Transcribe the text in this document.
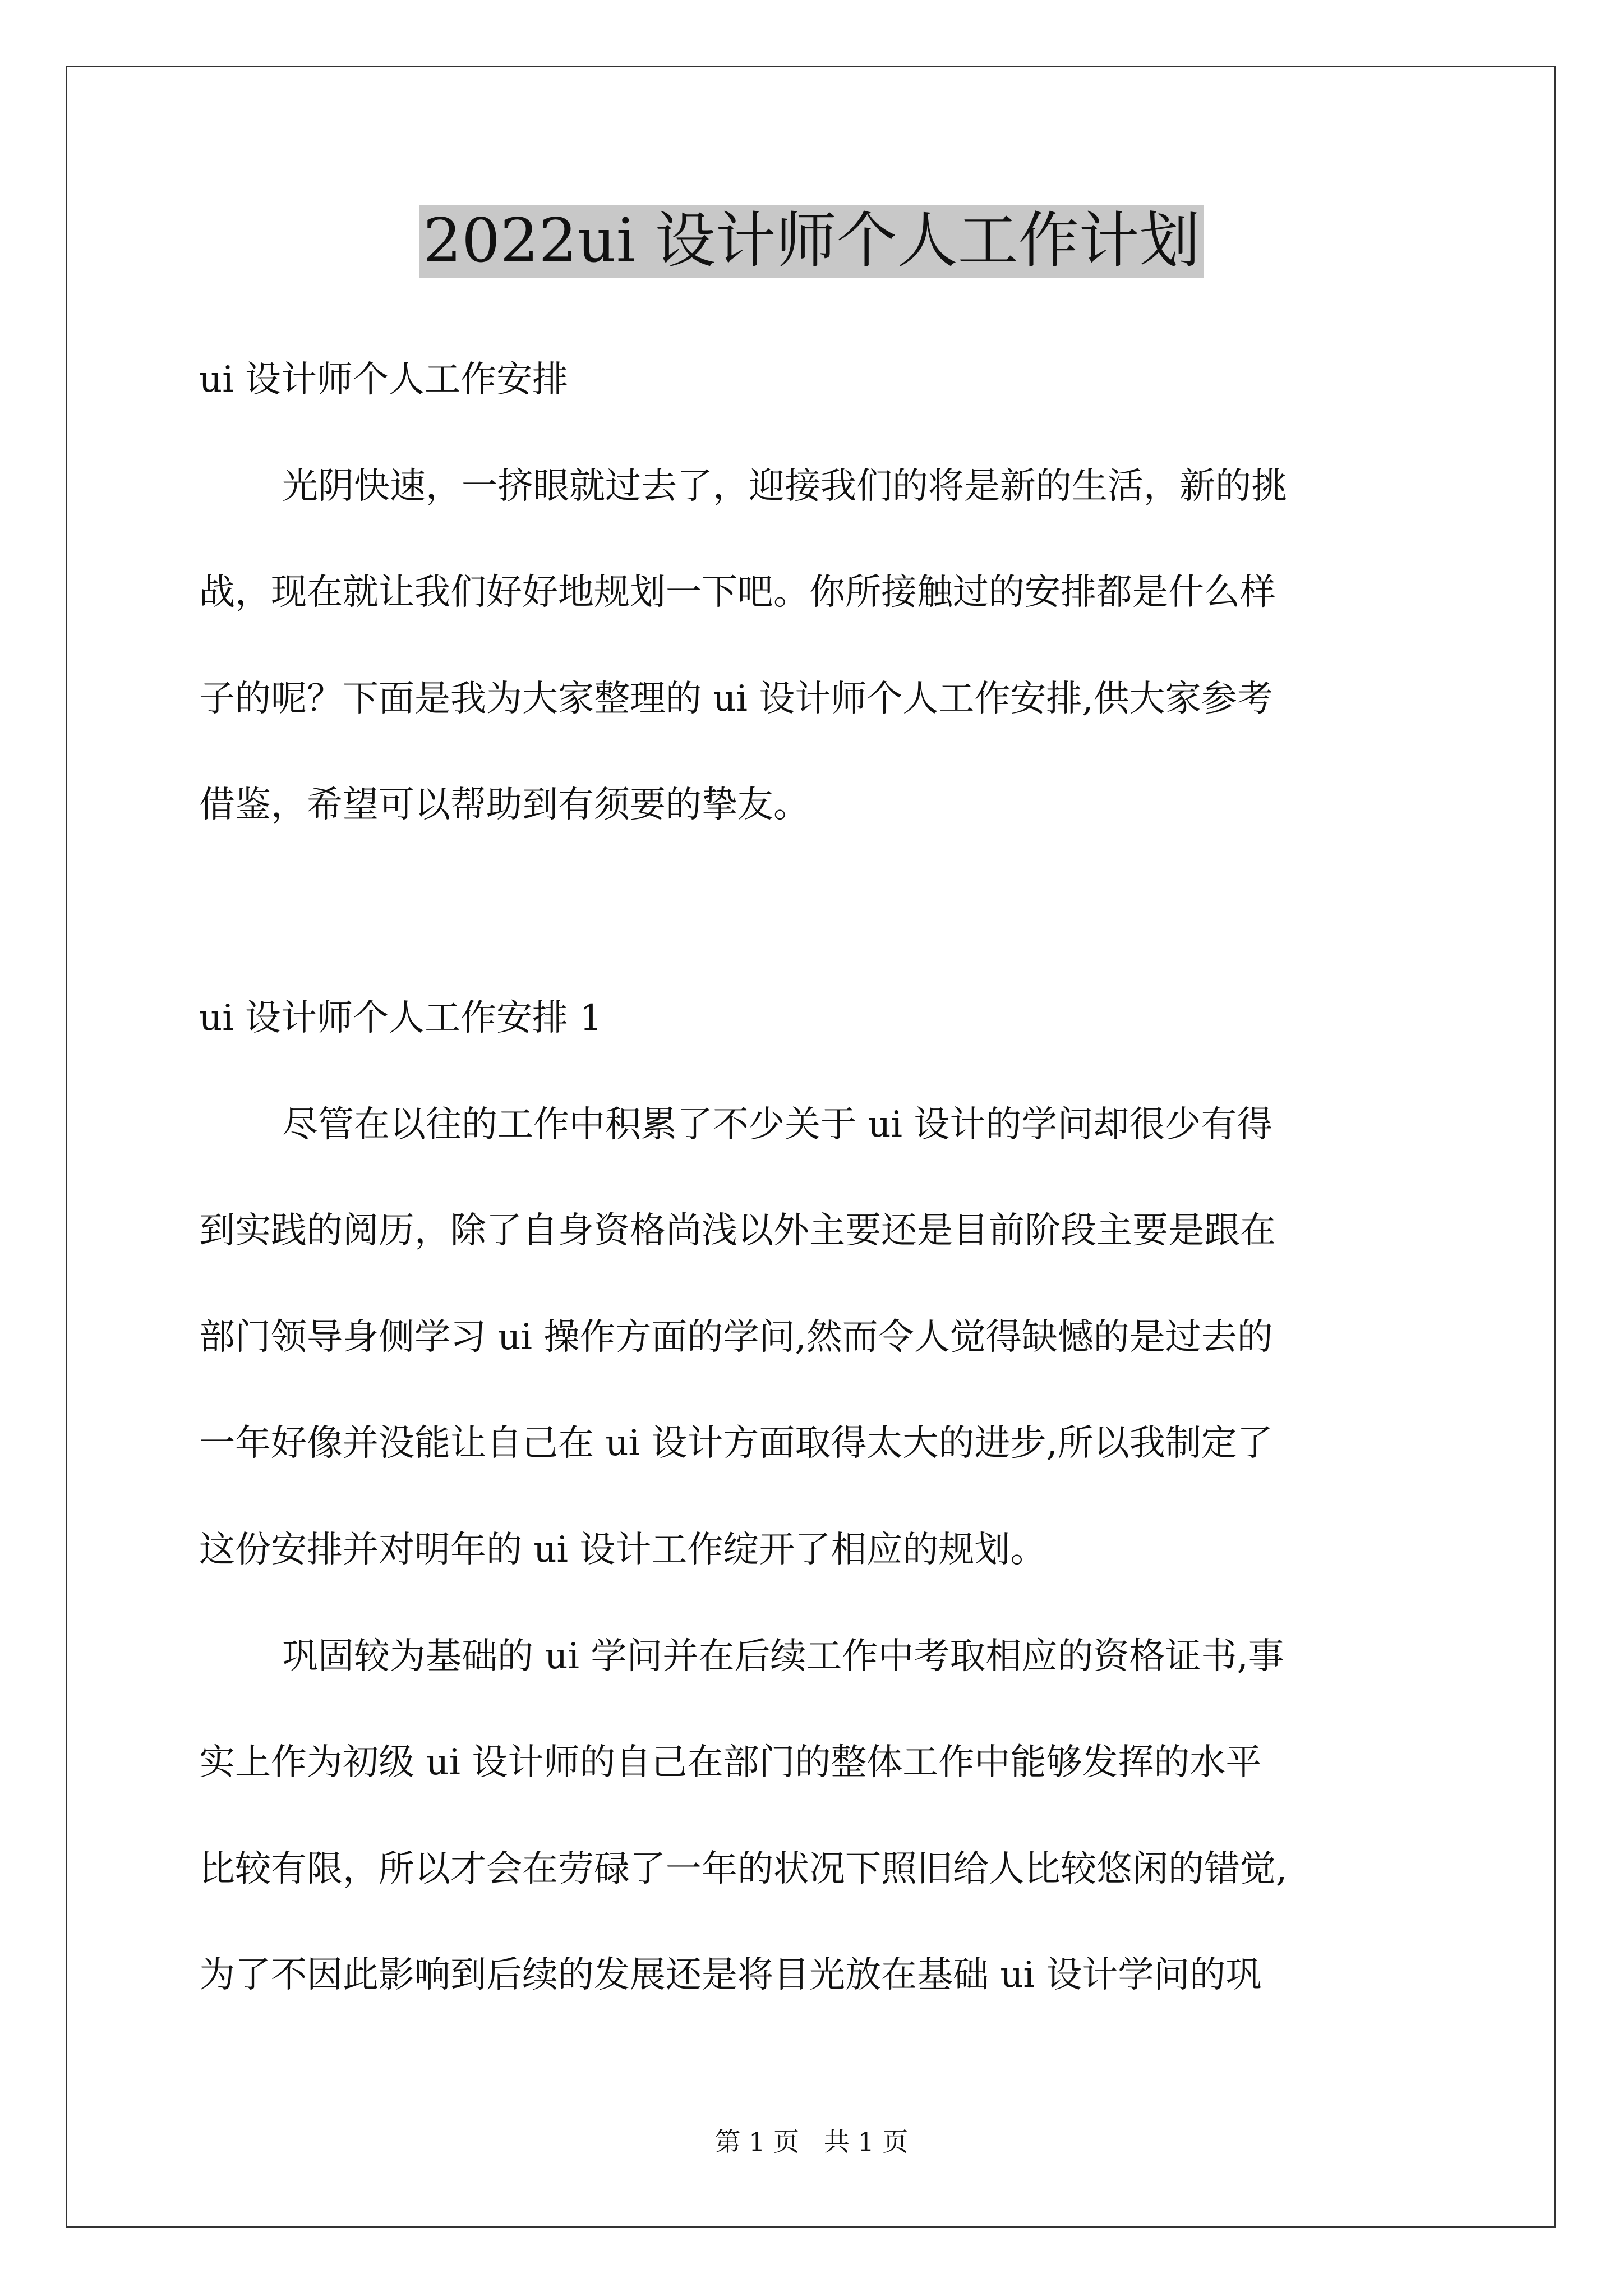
2022ui 设计师个人工作计划
ui 设计师个人工作安排
光阴快速，一挤眼就过去了，迎接我们的将是新的生活，新的挑
战，现在就让我们好好地规划一下吧。你所接触过的安排都是什么样
子的呢？下面是我为大家整理的 ui 设计师个人工作安排,供大家参考
借鉴，希望可以帮助到有须要的挚友。
ui 设计师个人工作安排 1
尽管在以往的工作中积累了不少关于 ui 设计的学问却很少有得
到实践的阅历，除了自身资格尚浅以外主要还是目前阶段主要是跟在
部门领导身侧学习 ui 操作方面的学问,然而令人觉得缺憾的是过去的
一年好像并没能让自己在 ui 设计方面取得太大的进步,所以我制定了
这份安排并对明年的 ui 设计工作绽开了相应的规划。
巩固较为基础的 ui 学问并在后续工作中考取相应的资格证书,事
实上作为初级 ui 设计师的自己在部门的整体工作中能够发挥的水平
比较有限，所以才会在劳碌了一年的状况下照旧给人比较悠闲的错觉,
为了不因此影响到后续的发展还是将目光放在基础 ui 设计学问的巩
第 1 页   共 1 页
